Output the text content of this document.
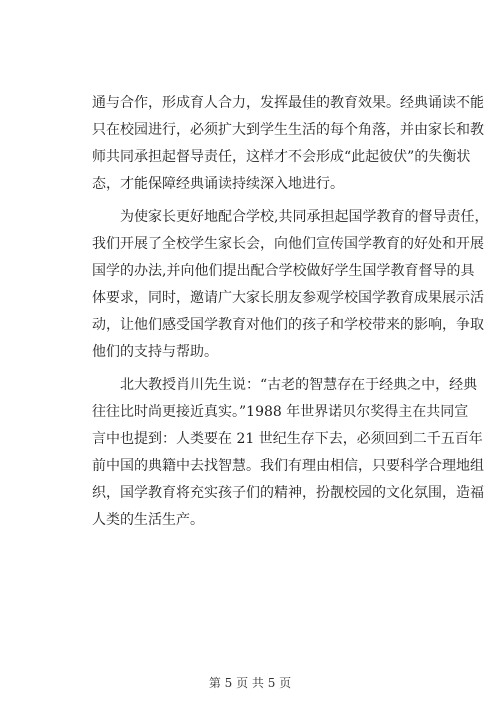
通与合作，形成育人合力，发挥最佳的教育效果。经典诵读不能
只在校园进行，必须扩大到学生生活的每个角落，并由家长和教
师共同承担起督导责任，这样才不会形成“此起彼伏”的失衡状
态，才能保障经典诵读持续深入地进行。
为使家长更好地配合学校,共同承担起国学教育的督导责任，
我们开展了全校学生家长会，向他们宣传国学教育的好处和开展
国学的办法,并向他们提出配合学校做好学生国学教育督导的具
体要求，同时，邀请广大家长朋友参观学校国学教育成果展示活
动，让他们感受国学教育对他们的孩子和学校带来的影响，争取
他们的支持与帮助。
北大教授肖川先生说：“古老的智慧存在于经典之中，经典
往往比时尚更接近真实。”1988 年世界诺贝尔奖得主在共同宣
言中也提到：人类要在 21 世纪生存下去，必须回到二千五百年
前中国的典籍中去找智慧。我们有理由相信，只要科学合理地组
织，国学教育将充实孩子们的精神，扮靓校园的文化氛围，造福
人类的生活生产。
第 5 页 共 5 页
